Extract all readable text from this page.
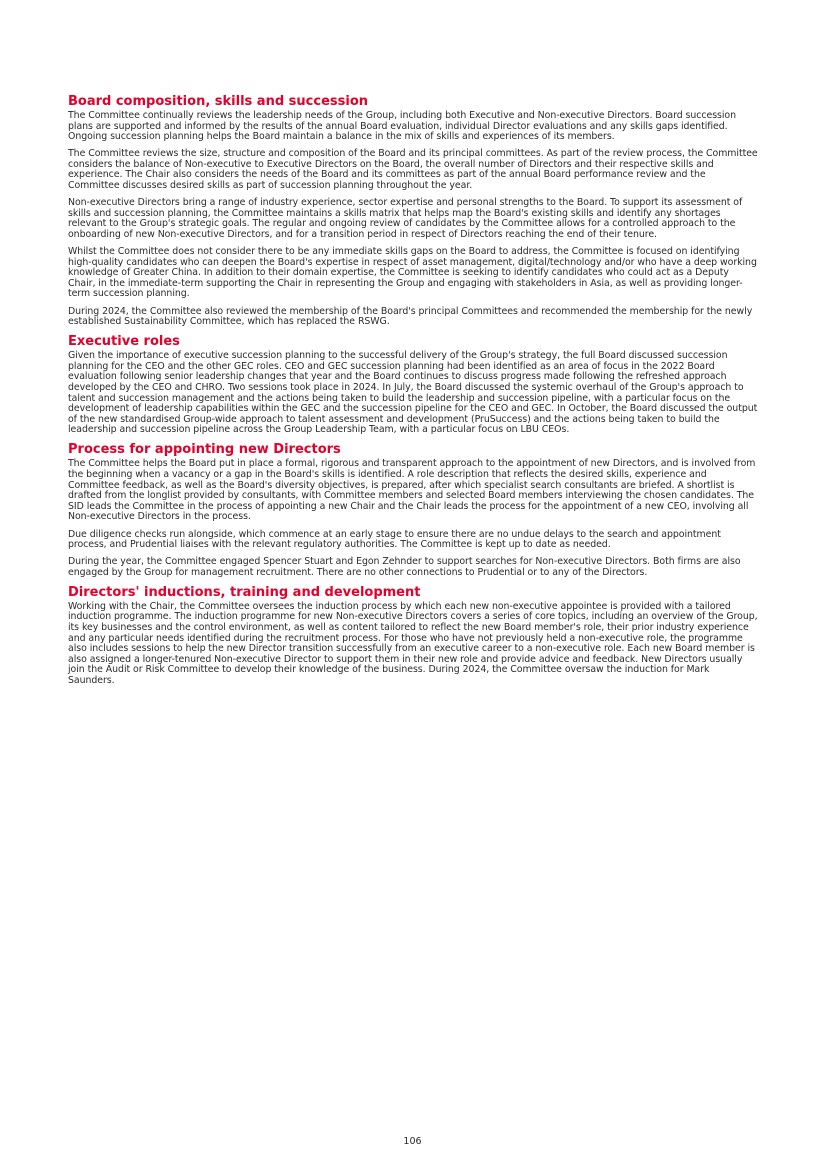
Board composition, skills and succession

The Committee continually reviews the leadership needs of the Group, including both Executive and Non-executive Directors. Board succession plans are supported and informed by the results of the annual Board evaluation, individual Director evaluations and any skills gaps identified. Ongoing succession planning helps the Board maintain a balance in the mix of skills and experiences of its members.

The Committee reviews the size, structure and composition of the Board and its principal committees. As part of the review process, the Committee considers the balance of Non-executive to Executive Directors on the Board, the overall number of Directors and their respective skills and experience. The Chair also considers the needs of the Board and its committees as part of the annual Board performance review and the Committee discusses desired skills as part of succession planning throughout the year.

Non-executive Directors bring a range of industry experience, sector expertise and personal strengths to the Board. To support its assessment of skills and succession planning, the Committee maintains a skills matrix that helps map the Board's existing skills and identify any shortages relevant to the Group's strategic goals. The regular and ongoing review of candidates by the Committee allows for a controlled approach to the onboarding of new Non-executive Directors, and for a transition period in respect of Directors reaching the end of their tenure.

Whilst the Committee does not consider there to be any immediate skills gaps on the Board to address, the Committee is focused on identifying high-quality candidates who can deepen the Board's expertise in respect of asset management, digital/technology and/or who have a deep working knowledge of Greater China. In addition to their domain expertise, the Committee is seeking to identify candidates who could act as a Deputy Chair, in the immediate-term supporting the Chair in representing the Group and engaging with stakeholders in Asia, as well as providing longer-term succession planning.

During 2024, the Committee also reviewed the membership of the Board's principal Committees and recommended the membership for the newly established Sustainability Committee, which has replaced the RSWG.

Executive roles

Given the importance of executive succession planning to the successful delivery of the Group's strategy, the full Board discussed succession planning for the CEO and the other GEC roles. CEO and GEC succession planning had been identified as an area of focus in the 2022 Board evaluation following senior leadership changes that year and the Board continues to discuss progress made following the refreshed approach developed by the CEO and CHRO. Two sessions took place in 2024. In July, the Board discussed the systemic overhaul of the Group's approach to talent and succession management and the actions being taken to build the leadership and succession pipeline, with a particular focus on the development of leadership capabilities within the GEC and the succession pipeline for the CEO and GEC. In October, the Board discussed the output of the new standardised Group-wide approach to talent assessment and development (PruSuccess) and the actions being taken to build the leadership and succession pipeline across the Group Leadership Team, with a particular focus on LBU CEOs.

Process for appointing new Directors

The Committee helps the Board put in place a formal, rigorous and transparent approach to the appointment of new Directors, and is involved from the beginning when a vacancy or a gap in the Board's skills is identified. A role description that reflects the desired skills, experience and Committee feedback, as well as the Board's diversity objectives, is prepared, after which specialist search consultants are briefed. A shortlist is drafted from the longlist provided by consultants, with Committee members and selected Board members interviewing the chosen candidates. The SID leads the Committee in the process of appointing a new Chair and the Chair leads the process for the appointment of a new CEO, involving all Non-executive Directors in the process.

Due diligence checks run alongside, which commence at an early stage to ensure there are no undue delays to the search and appointment process, and Prudential liaises with the relevant regulatory authorities. The Committee is kept up to date as needed.

During the year, the Committee engaged Spencer Stuart and Egon Zehnder to support searches for Non-executive Directors. Both firms are also engaged by the Group for management recruitment. There are no other connections to Prudential or to any of the Directors.

Directors' inductions, training and development

Working with the Chair, the Committee oversees the induction process by which each new non-executive appointee is provided with a tailored induction programme. The induction programme for new Non-executive Directors covers a series of core topics, including an overview of the Group, its key businesses and the control environment, as well as content tailored to reflect the new Board member's role, their prior industry experience and any particular needs identified during the recruitment process. For those who have not previously held a non-executive role, the programme also includes sessions to help the new Director transition successfully from an executive career to a non-executive role. Each new Board member is also assigned a longer-tenured Non-executive Director to support them in their new role and provide advice and feedback. New Directors usually join the Audit or Risk Committee to develop their knowledge of the business. During 2024, the Committee oversaw the induction for Mark Saunders.

106
